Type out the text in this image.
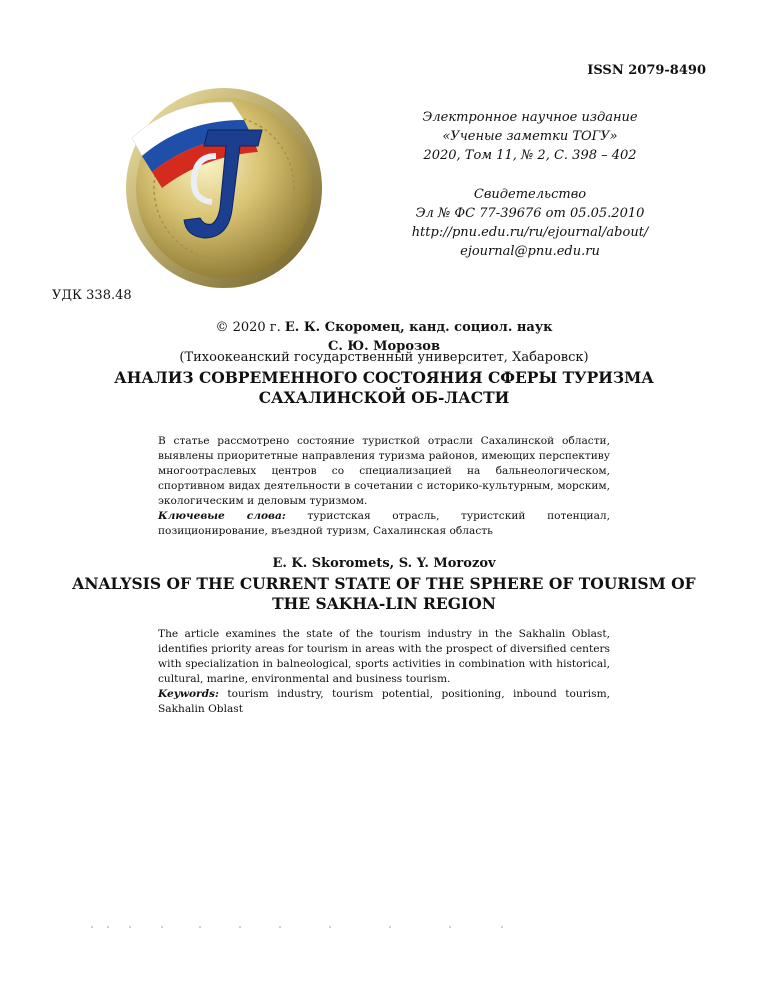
ISSN 2079-8490
Электронное научное издание
«Ученые заметки ТОГУ»
2020, Том 11, № 2, С. 398 – 402
Свидетельство
Эл № ФС 77-39676 от 05.05.2010
http://pnu.edu.ru/ru/ejournal/about/
ejournal@pnu.edu.ru
УДК 338.48
© 2020 г. Е. К. Скоромец, канд. социол. наук
С. Ю. Морозов
(Тихоокеанский государственный университет, Хабаровск)
АНАЛИЗ СОВРЕМЕННОГО СОСТОЯНИЯ СФЕРЫ ТУРИЗМА САХАЛИНСКОЙ ОБ-ЛАСТИ
В статье рассмотрено состояние туристкой отрасли Сахалинской области, выявлены приоритетные направления туризма районов, имеющих перспективу многоотраслевых центров со специализацией на бальнеологическом, спортивном видах деятельности в сочетании с историко-культурным, морским, экологическим и деловым туризмом.
Ключевые слова: туристская отрасль, туристский потенциал, позиционирование, въездной туризм, Сахалинская область
E. K. Skoromets, S. Y. Morozov
ANALYSIS OF THE CURRENT STATE OF THE SPHERE OF TOURISM OF THE SAKHA-LIN REGION
The article examines the state of the tourism industry in the Sakhalin Oblast, identifies priority areas for tourism in areas with the prospect of diversified centers with specialization in balneological, sports activities in combination with historical, cultural, marine, environmental and business tourism.
Keywords: tourism industry, tourism potential, positioning, inbound tourism, Sakhalin Oblast
